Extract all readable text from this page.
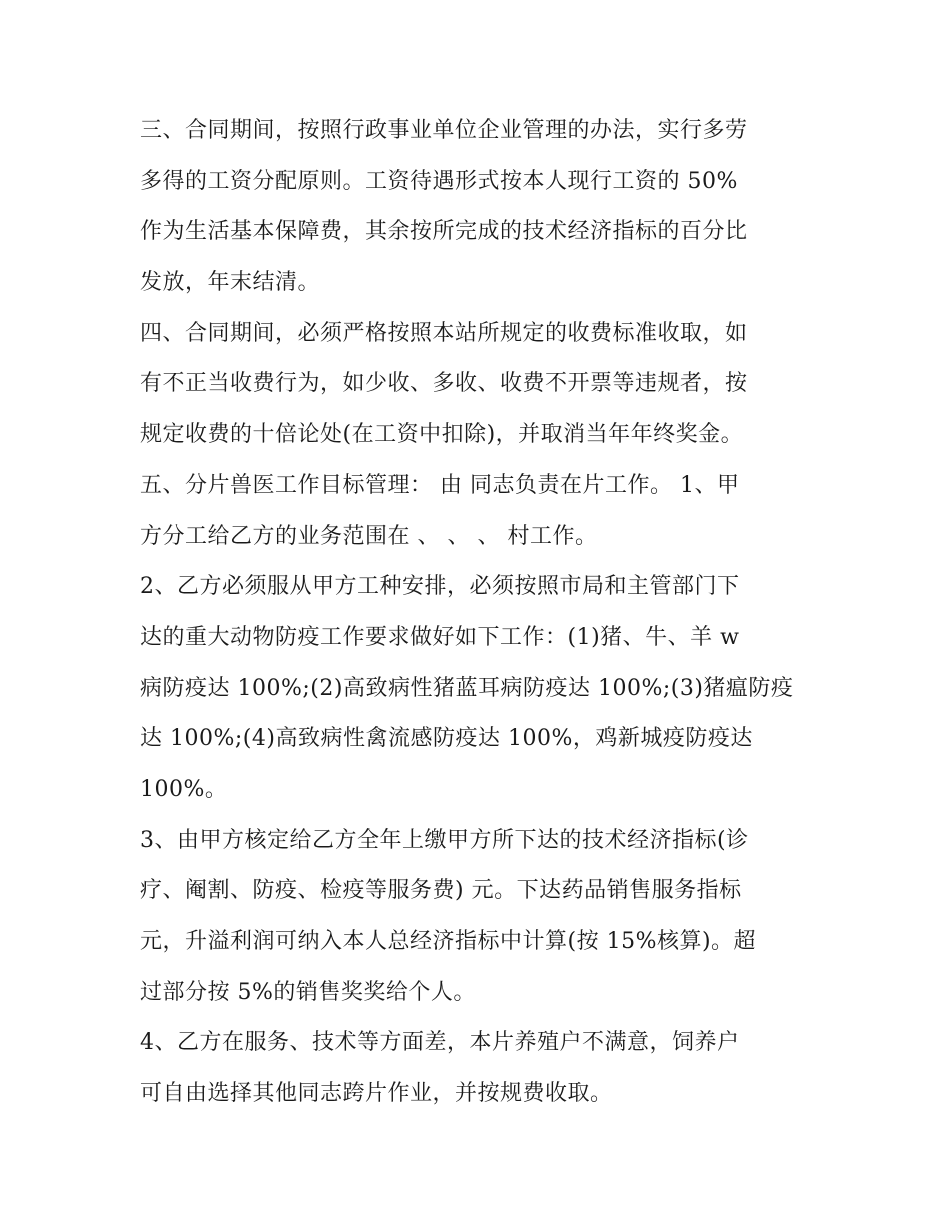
三、合同期间，按照行政事业单位企业管理的办法，实行多劳
多得的工资分配原则。工资待遇形式按本人现行工资的 50%
作为生活基本保障费，其余按所完成的技术经济指标的百分比
发放，年末结清。

四、合同期间，必须严格按照本站所规定的收费标准收取，如
有不正当收费行为，如少收、多收、收费不开票等违规者，按
规定收费的十倍论处(在工资中扣除)，并取消当年年终奖金。

五、分片兽医工作目标管理： 由 同志负责在片工作。 1、甲
方分工给乙方的业务范围在 、 、 、 村工作。

2、乙方必须服从甲方工种安排，必须按照市局和主管部门下
达的重大动物防疫工作要求做好如下工作：(1)猪、牛、羊 w
病防疫达 100%;(2)高致病性猪蓝耳病防疫达 100%;(3)猪瘟防疫
达 100%;(4)高致病性禽流感防疫达 100%，鸡新城疫防疫达
100%。

3、由甲方核定给乙方全年上缴甲方所下达的技术经济指标(诊
疗、阉割、防疫、检疫等服务费) 元。下达药品销售服务指标
元，升溢利润可纳入本人总经济指标中计算(按 15%核算)。超
过部分按 5%的销售奖奖给个人。

4、乙方在服务、技术等方面差，本片养殖户不满意，饲养户
可自由选择其他同志跨片作业，并按规费收取。
